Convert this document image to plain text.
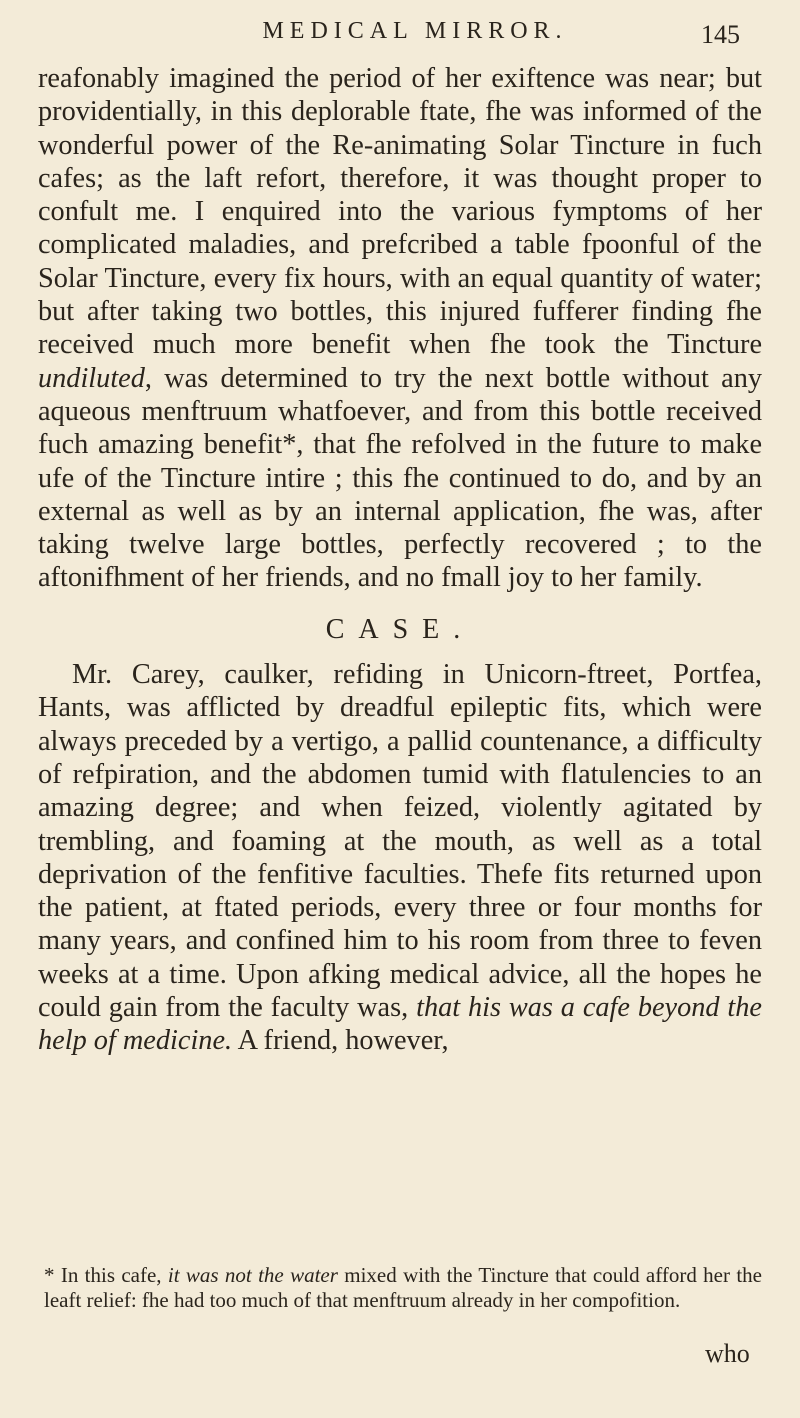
MEDICAL MIRROR.	145

reafonably imagined the period of her exiftence was near; but providentially, in this deplorable ftate, fhe was informed of the wonderful power of the Re-animating Solar Tincture in fuch cafes; as the laft refort, therefore, it was thought proper to confult me. I enquired into the various fymptoms of her complicated maladies, and prefcribed a table fpoonful of the Solar Tincture, every fix hours, with an equal quantity of water; but after taking two bottles, this injured fufferer finding fhe received much more benefit when fhe took the Tincture undiluted, was determined to try the next bottle without any aqueous menftruum whatfoever, and from this bottle received fuch amazing benefit*, that fhe refolved in the future to make ufe of the Tincture intire ; this fhe continued to do, and by an external as well as by an internal application, fhe was, after taking twelve large bottles, perfectly recovered ; to the aftonifhment of her friends, and no fmall joy to her family.

CASE.

Mr. Carey, caulker, refiding in Unicorn-ftreet, Portfea, Hants, was afflicted by dreadful epileptic fits, which were always preceded by a vertigo, a pallid countenance, a difficulty of refpiration, and the abdomen tumid with flatulencies to an amazing degree; and when feized, violently agitated by trembling, and foaming at the mouth, as well as a total deprivation of the fenfitive faculties. Thefe fits returned upon the patient, at ftated periods, every three or four months for many years, and confined him to his room from three to feven weeks at a time. Upon afking medical advice, all the hopes he could gain from the faculty was, that his was a cafe beyond the help of medicine. A friend, however,

* In this cafe, it was not the water mixed with the Tincture that could afford her the leaft relief: fhe had too much of that menftruum already in her compofition.
who
